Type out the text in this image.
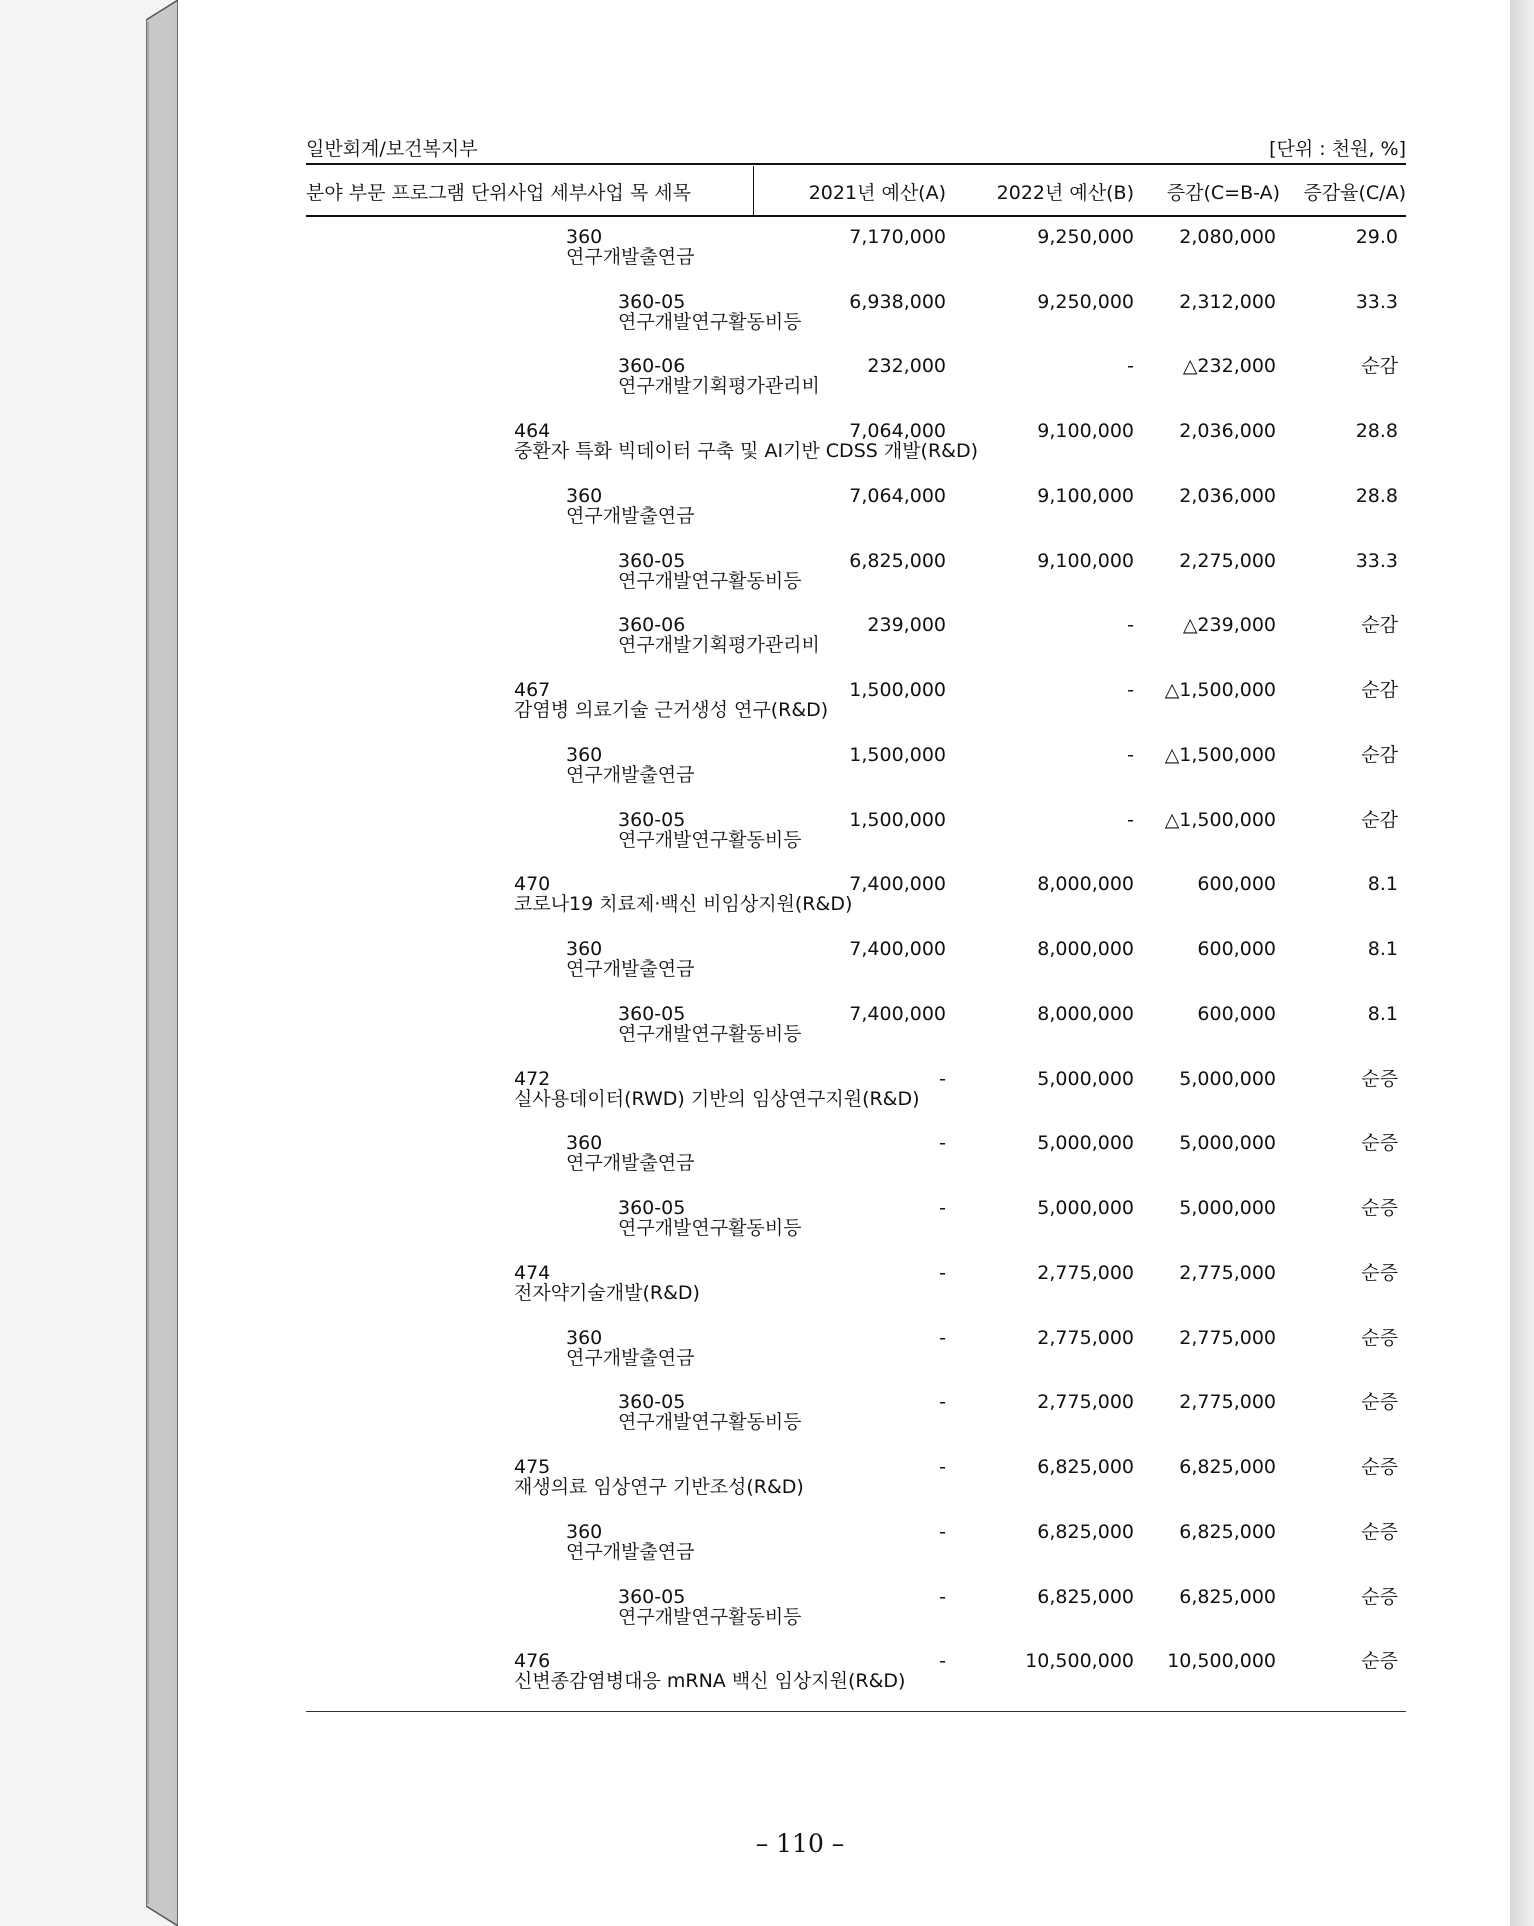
일반회계/보건복지부	[단위 : 천원, %]
분야 부문 프로그램 단위사업 세부사업 목 세목	2021년 예산(A)	2022년 예산(B) 증감(C=B-A) 증감율(C/A)
360
연구개발출연금
7,170,000	9,250,000 2,080,000	29.0
360-05
연구개발연구활동비등
6,938,000	9,250,000 2,312,000	33.3
360-06
연구개발기획평가관리비
232,000	-	△232,000	순감
464
중환자 특화 빅데이터 구축 및 AI기반 CDSS 개발(R&D)
7,064,000	9,100,000 2,036,000	28.8
360
연구개발출연금
7,064,000	9,100,000 2,036,000	28.8
360-05
연구개발연구활동비등
6,825,000	9,100,000 2,275,000	33.3
360-06
연구개발기획평가관리비
239,000	-	△239,000	순감
467
감염병 의료기술 근거생성 연구(R&D)
1,500,000	- △1,500,000	순감
360
연구개발출연금
1,500,000	- △1,500,000	순감
360-05
연구개발연구활동비등
1,500,000	- △1,500,000	순감
470
코로나19 치료제·백신 비임상지원(R&D)
7,400,000	8,000,000	600,000	8.1
360
연구개발출연금
7,400,000	8,000,000	600,000	8.1
360-05
연구개발연구활동비등
7,400,000	8,000,000	600,000	8.1
472
실사용데이터(RWD) 기반의 임상연구지원(R&D)
-	5,000,000 5,000,000	순증
360
연구개발출연금
-	5,000,000 5,000,000	순증
360-05
연구개발연구활동비등
-	5,000,000 5,000,000	순증
474
전자약기술개발(R&D)
-	2,775,000 2,775,000	순증
360
연구개발출연금
-	2,775,000 2,775,000	순증
360-05
연구개발연구활동비등
-	2,775,000 2,775,000	순증
475
재생의료 임상연구 기반조성(R&D)
-	6,825,000 6,825,000	순증
360
연구개발출연금
-	6,825,000 6,825,000	순증
360-05
연구개발연구활동비등
-	6,825,000 6,825,000	순증
476
신변종감염병대응 mRNA 백신 임상지원(R&D)
-	10,500,000 10,500,000	순증
– 110 –
